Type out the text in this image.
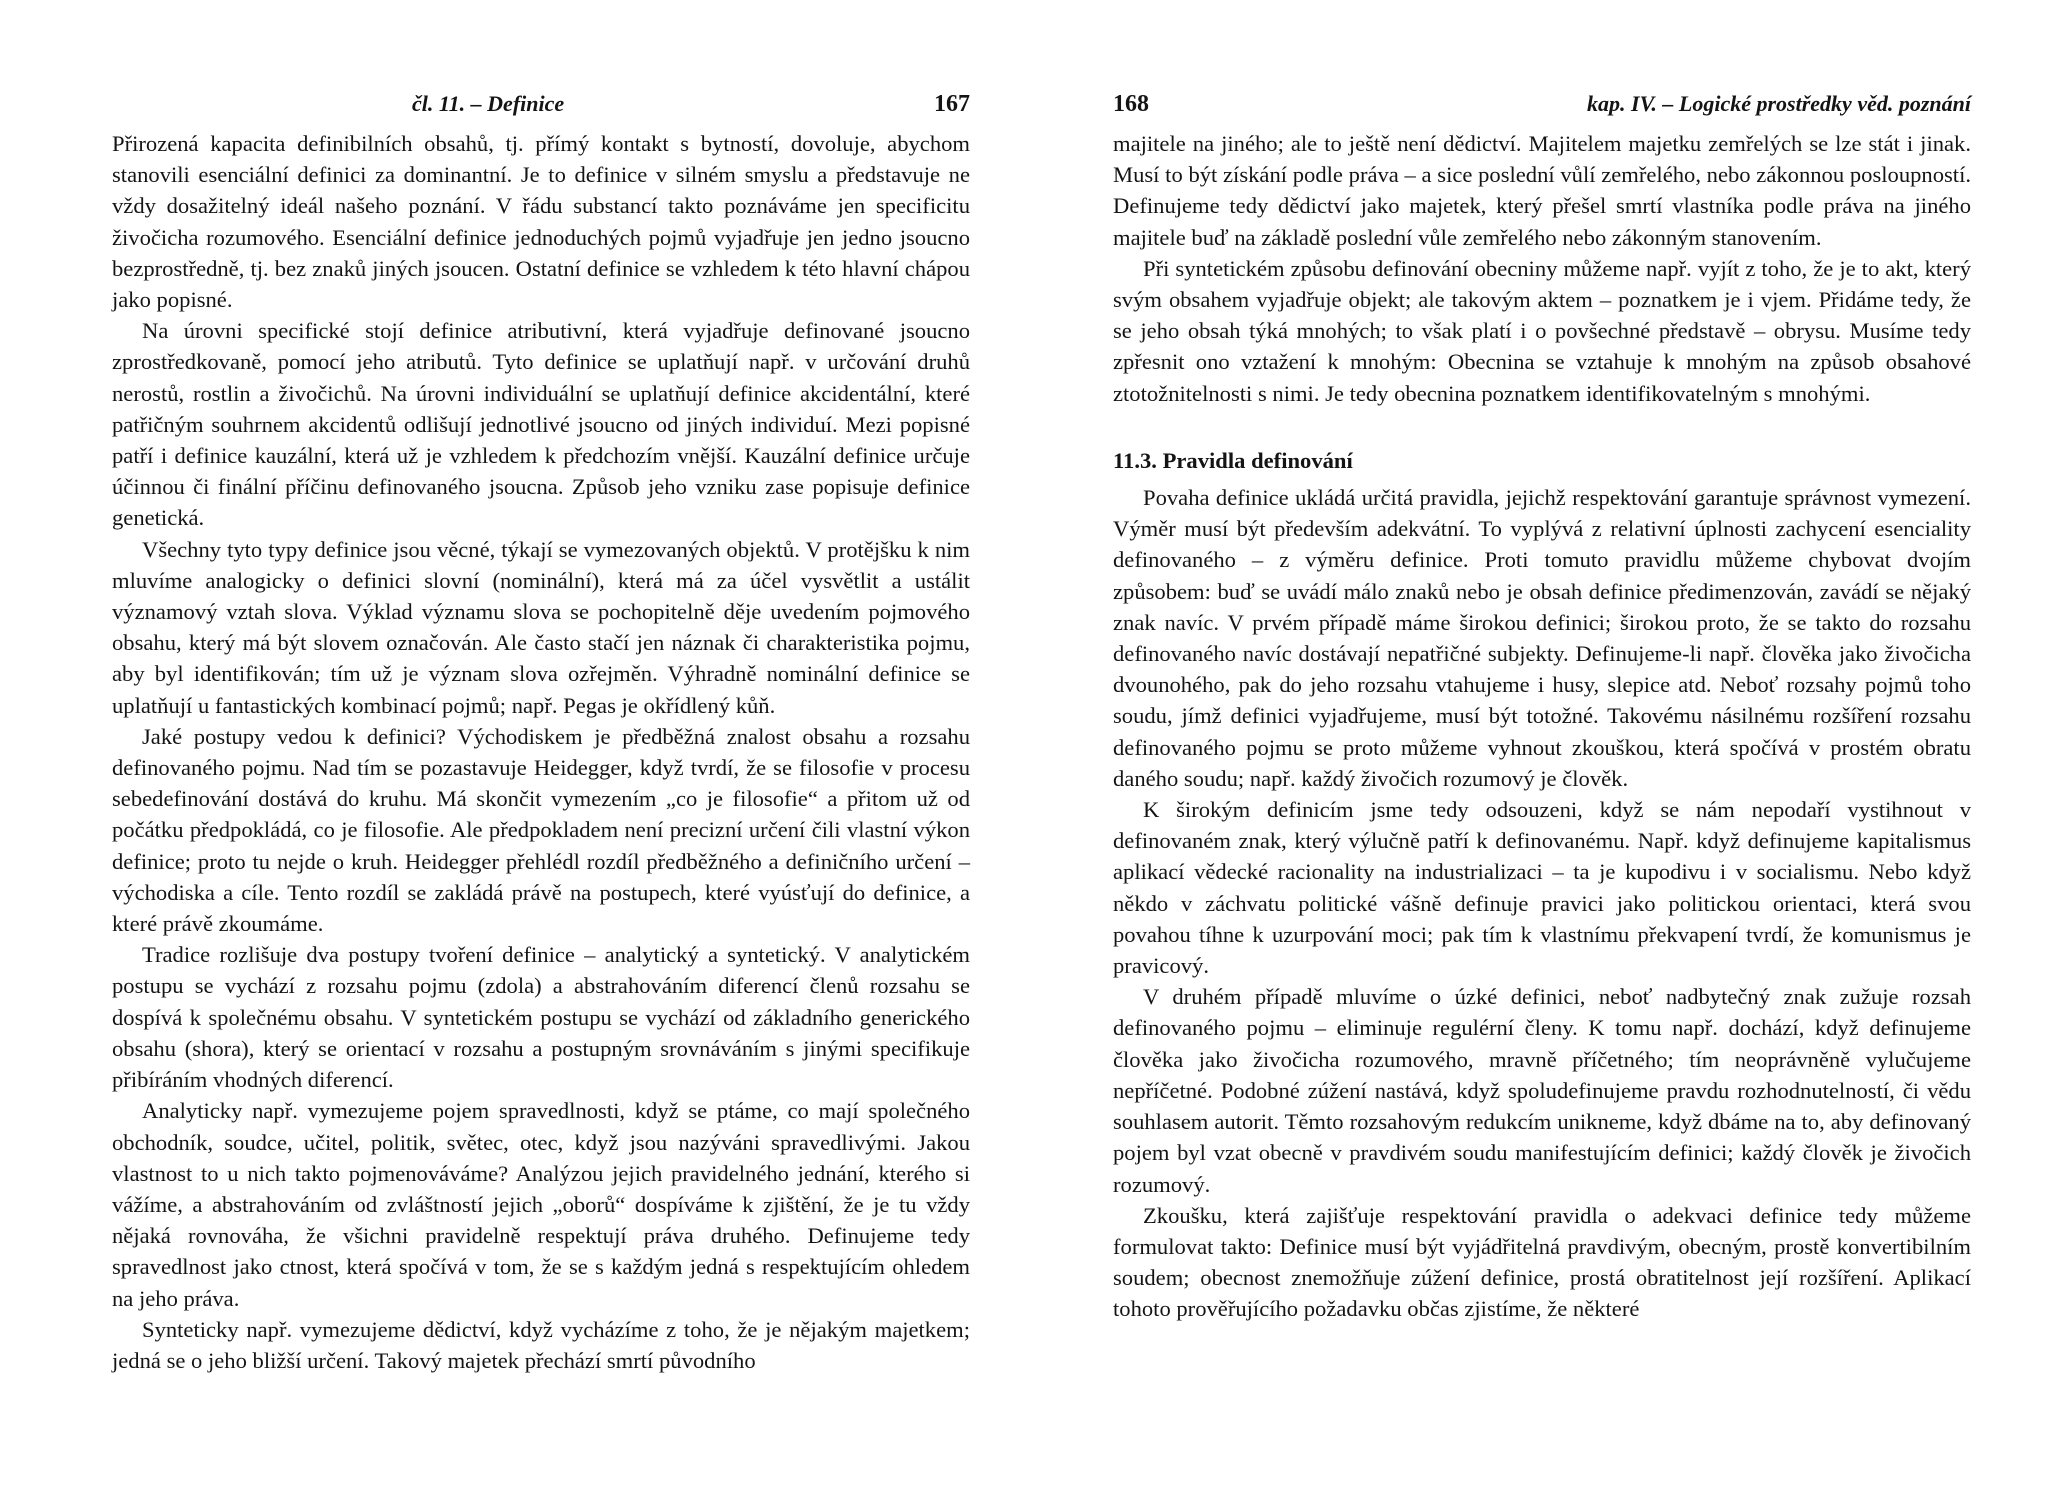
čl. 11. – Definice	167

Přirozená kapacita definibilních obsahů, tj. přímý kontakt s bytností, dovoluje, abychom stanovili esenciální definici za dominantní. Je to definice v silném smyslu a představuje ne vždy dosažitelný ideál našeho poznání. V řádu substancí takto poznáváme jen specificitu živočicha rozumového. Esenciální definice jednoduchých pojmů vyjadřuje jen jedno jsoucno bezprostředně, tj. bez znaků jiných jsoucen. Ostatní definice se vzhledem k této hlavní chápou jako popisné.

Na úrovni specifické stojí definice atributivní, která vyjadřuje definované jsoucno zprostředkovaně, pomocí jeho atributů. Tyto definice se uplatňují např. v určování druhů nerostů, rostlin a živočichů. Na úrovni individuální se uplatňují definice akcidentální, které patřičným souhrnem akcidentů odlišují jednotlivé jsoucno od jiných individuí. Mezi popisné patří i definice kauzální, která už je vzhledem k předchozím vnější. Kauzální definice určuje účinnou či finální příčinu definovaného jsoucna. Způsob jeho vzniku zase popisuje definice genetická.

Všechny tyto typy definice jsou věcné, týkají se vymezovaných objektů. V protějšku k nim mluvíme analogicky o definici slovní (nominální), která má za účel vysvětlit a ustálit významový vztah slova. Výklad významu slova se pochopitelně děje uvedením pojmového obsahu, který má být slovem označován. Ale často stačí jen náznak či charakteristika pojmu, aby byl identifikován; tím už je význam slova ozřejměn. Výhradně nominální definice se uplatňují u fantastických kombinací pojmů; např. Pegas je okřídlený kůň.

Jaké postupy vedou k definici? Východiskem je předběžná znalost obsahu a rozsahu definovaného pojmu. Nad tím se pozastavuje Heidegger, když tvrdí, že se filosofie v procesu sebedefinování dostává do kruhu. Má skončit vymezením „co je filosofie“ a přitom už od počátku předpokládá, co je filosofie. Ale předpokladem není precizní určení čili vlastní výkon definice; proto tu nejde o kruh. Heidegger přehlédl rozdíl předběžného a definičního určení – východiska a cíle. Tento rozdíl se zakládá právě na postupech, které vyúsťují do definice, a které právě zkoumáme.

Tradice rozlišuje dva postupy tvoření definice – analytický a syntetický. V analytickém postupu se vychází z rozsahu pojmu (zdola) a abstrahováním diferencí členů rozsahu se dospívá k společnému obsahu. V syntetickém postupu se vychází od základního generického obsahu (shora), který se orientací v rozsahu a postupným srovnáváním s jinými specifikuje přibíráním vhodných diferencí.

Analyticky např. vymezujeme pojem spravedlnosti, když se ptáme, co mají společného obchodník, soudce, učitel, politik, světec, otec, když jsou nazýváni spravedlivými. Jakou vlastnost to u nich takto pojmenováváme? Analýzou jejich pravidelného jednání, kterého si vážíme, a abstrahováním od zvláštností jejich „oborů“ dospíváme k zjištění, že je tu vždy nějaká rovnováha, že všichni pravidelně respektují práva druhého. Definujeme tedy spravedlnost jako ctnost, která spočívá v tom, že se s každým jedná s respektujícím ohledem na jeho práva.

Synteticky např. vymezujeme dědictví, když vycházíme z toho, že je nějakým majetkem; jedná se o jeho bližší určení. Takový majetek přechází smrtí původního

168	kap. IV. – Logické prostředky věd. poznání

majitele na jiného; ale to ještě není dědictví. Majitelem majetku zemřelých se lze stát i jinak. Musí to být získání podle práva – a sice poslední vůlí zemřelého, nebo zákonnou posloupností. Definujeme tedy dědictví jako majetek, který přešel smrtí vlastníka podle práva na jiného majitele buď na základě poslední vůle zemřelého nebo zákonným stanovením.

Při syntetickém způsobu definování obecniny můžeme např. vyjít z toho, že je to akt, který svým obsahem vyjadřuje objekt; ale takovým aktem – poznatkem je i vjem. Přidáme tedy, že se jeho obsah týká mnohých; to však platí i o povšechné představě – obrysu. Musíme tedy zpřesnit ono vztažení k mnohým: Obecnina se vztahuje k mnohým na způsob obsahové ztotožnitelnosti s nimi. Je tedy obecnina poznatkem identifikovatelným s mnohými.

11.3. Pravidla definování

Povaha definice ukládá určitá pravidla, jejichž respektování garantuje správnost vymezení. Výměr musí být především adekvátní. To vyplývá z relativní úplnosti zachycení esenciality definovaného – z výměru definice. Proti tomuto pravidlu můžeme chybovat dvojím způsobem: buď se uvádí málo znaků nebo je obsah definice předimenzován, zavádí se nějaký znak navíc. V prvém případě máme širokou definici; širokou proto, že se takto do rozsahu definovaného navíc dostávají nepatřičné subjekty. Definujeme-li např. člověka jako živočicha dvounohého, pak do jeho rozsahu vtahujeme i husy, slepice atd. Neboť rozsahy pojmů toho soudu, jímž definici vyjadřujeme, musí být totožné. Takovému násilnému rozšíření rozsahu definovaného pojmu se proto můžeme vyhnout zkouškou, která spočívá v prostém obratu daného soudu; např. každý živočich rozumový je člověk.

K širokým definicím jsme tedy odsouzeni, když se nám nepodaří vystihnout v definovaném znak, který výlučně patří k definovanému. Např. když definujeme kapitalismus aplikací vědecké racionality na industrializaci – ta je kupodivu i v socialismu. Nebo když někdo v záchvatu politické vášně definuje pravici jako politickou orientaci, která svou povahou tíhne k uzurpování moci; pak tím k vlastnímu překvapení tvrdí, že komunismus je pravicový.

V druhém případě mluvíme o úzké definici, neboť nadbytečný znak zužuje rozsah definovaného pojmu – eliminuje regulérní členy. K tomu např. dochází, když definujeme člověka jako živočicha rozumového, mravně příčetného; tím neoprávněně vylučujeme nepříčetné. Podobné zúžení nastává, když spoludefinujeme pravdu rozhodnutelností, či vědu souhlasem autorit. Těmto rozsahovým redukcím unikneme, když dbáme na to, aby definovaný pojem byl vzat obecně v pravdivém soudu manifestujícím definici; každý člověk je živočich rozumový.

Zkoušku, která zajišťuje respektování pravidla o adekvaci definice tedy můžeme formulovat takto: Definice musí být vyjádřitelná pravdivým, obecným, prostě konvertibilním soudem; obecnost znemožňuje zúžení definice, prostá obratitelnost její rozšíření. Aplikací tohoto prověřujícího požadavku občas zjistíme, že některé
